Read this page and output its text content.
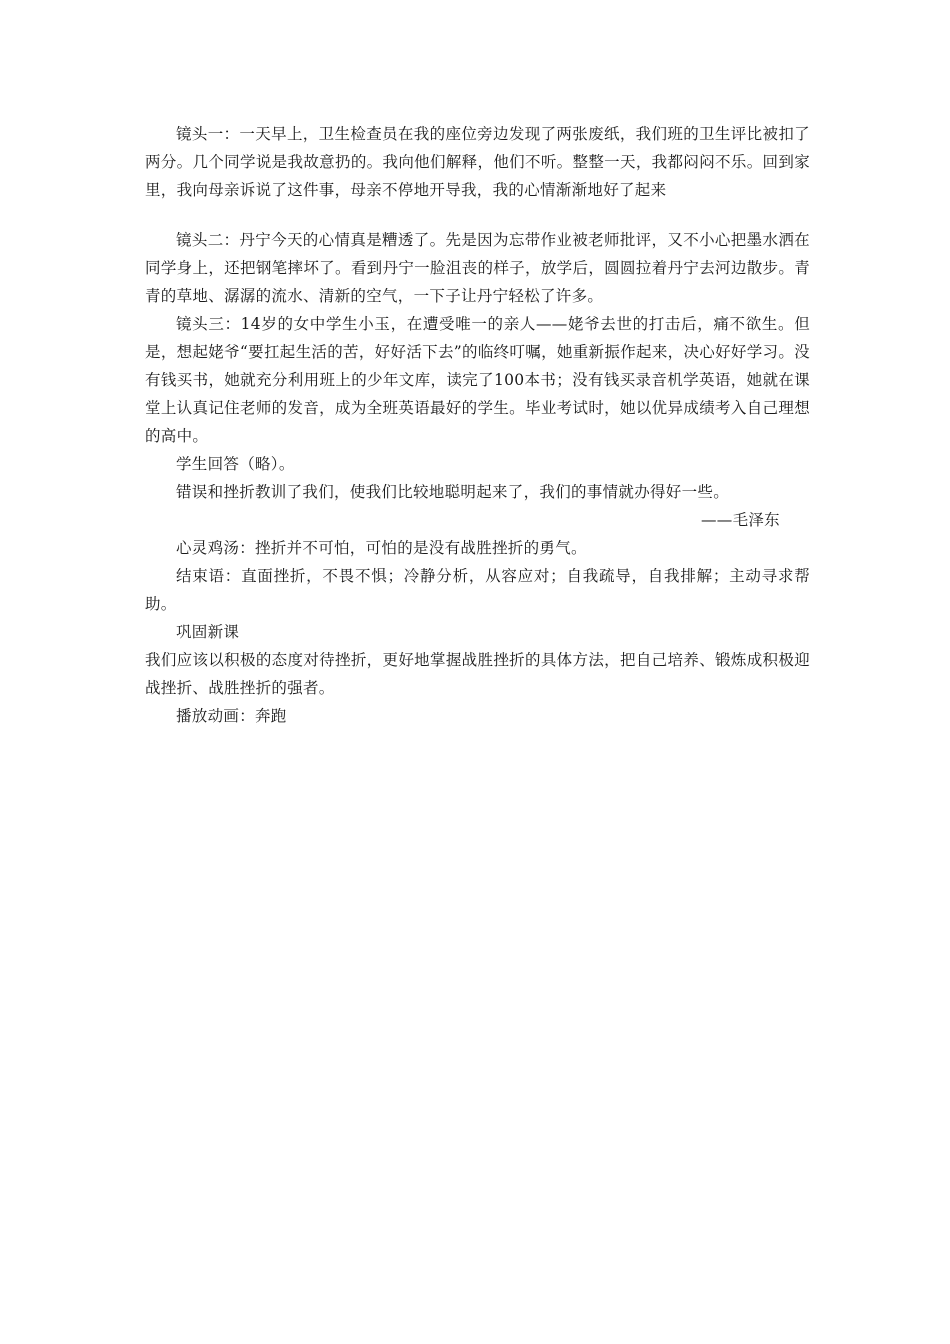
镜头一：一天早上，卫生检查员在我的座位旁边发现了两张废纸，我们班的卫生评比被扣了两分。几个同学说是我故意扔的。我向他们解释，他们不听。整整一天，我都闷闷不乐。回到家里，我向母亲诉说了这件事，母亲不停地开导我，我的心情渐渐地好了起来

镜头二：丹宁今天的心情真是糟透了。先是因为忘带作业被老师批评，又不小心把墨水洒在同学身上，还把钢笔摔坏了。看到丹宁一脸沮丧的样子，放学后，圆圆拉着丹宁去河边散步。青青的草地、潺潺的流水、清新的空气，一下子让丹宁轻松了许多。

镜头三：14岁的女中学生小玉，在遭受唯一的亲人——姥爷去世的打击后，痛不欲生。但是，想起姥爷“要扛起生活的苦，好好活下去”的临终叮嘱，她重新振作起来，决心好好学习。没有钱买书，她就充分利用班上的少年文库，读完了100本书；没有钱买录音机学英语，她就在课堂上认真记住老师的发音，成为全班英语最好的学生。毕业考试时，她以优异成绩考入自己理想的高中。

学生回答（略）。

错误和挫折教训了我们，使我们比较地聪明起来了，我们的事情就办得好一些。

——毛泽东

心灵鸡汤：挫折并不可怕，可怕的是没有战胜挫折的勇气。

结束语：直面挫折，不畏不惧；冷静分析，从容应对；自我疏导，自我排解；主动寻求帮助。

巩固新课

我们应该以积极的态度对待挫折，更好地掌握战胜挫折的具体方法，把自己培养、锻炼成积极迎战挫折、战胜挫折的强者。

播放动画：奔跑
